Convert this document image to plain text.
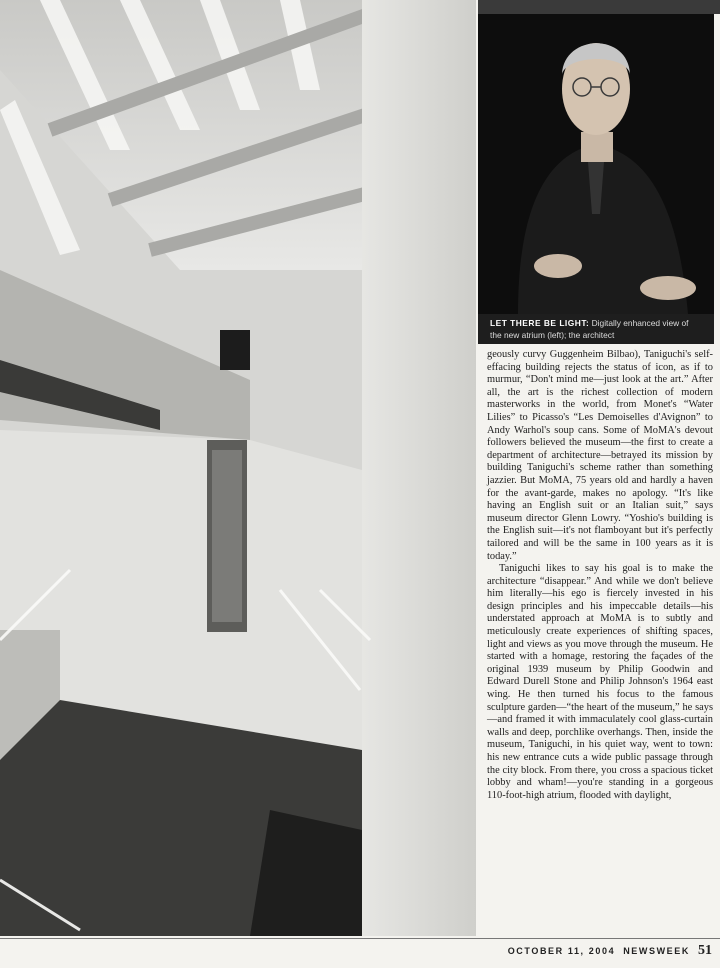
LET THERE BE LIGHT: Digitally enhanced view of the new atrium (left); the architect

geously curvy Guggenheim Bilbao), Taniguchi's self-effacing building rejects the status of icon, as if to murmur, “Don't mind me—just look at the art.” After all, the art is the richest collection of modern masterworks in the world, from Monet's “Water Lilies” to Picasso's “Les Demoiselles d'Avignon” to Andy Warhol's soup cans. Some of MoMA's devout followers believed the museum—the first to create a department of architecture—betrayed its mission by building Taniguchi's scheme rather than something jazzier. But MoMA, 75 years old and hardly a haven for the avant-garde, makes no apology. “It's like having an English suit or an Italian suit,” says museum director Glenn Lowry. “Yoshio's building is the English suit—it's not flamboyant but it's perfectly tailored and will be the same in 100 years as it is today.”

Taniguchi likes to say his goal is to make the architecture “disappear.” And while we don't believe him literally—his ego is fiercely invested in his design principles and his impeccable details—his understated approach at MoMA is to subtly and meticulously create experiences of shifting spaces, light and views as you move through the museum. He started with a homage, restoring the façades of the original 1939 museum by Philip Goodwin and Edward Durell Stone and Philip Johnson's 1964 east wing. He then turned his focus to the famous sculpture garden—“the heart of the museum,” he says—and framed it with immaculately cool glass-curtain walls and deep, porchlike overhangs. Then, inside the museum, Taniguchi, in his quiet way, went to town: his new entrance cuts a wide public passage through the city block. From there, you cross a spacious ticket lobby and wham!—you're standing in a gorgeous 110-foot-high atrium, flooded with daylight,

OCTOBER 11, 2004 NEWSWEEK 51
